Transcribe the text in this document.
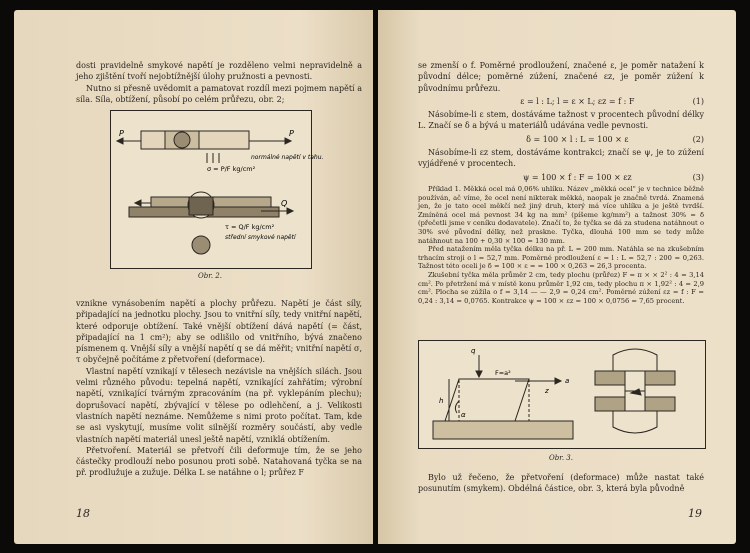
dosti pravidelně smykové napětí je rozděleno velmi nepravidelně a jeho zjištění tvoří nejobtížnější úlohy pružnosti a pevnosti.

Nutno si přesně uvědomit a pamatovat rozdíl mezi pojmem napětí a síla. Síla, obtížení, působí po celém průřezu, obr. 2;

P	P
σ = P/F kg/cm²
normálné napětí v tahu.
τ = Q/F kg/cm²
střední smykové napětí
Q
Obr. 2.

vznikne vynásobením napětí a plochy průřezu. Napětí je část síly, připadající na jednotku plochy. Jsou to vnitřní síly, tedy vnitřní napětí, které odporuje obtížení. Také vnější obtížení dává napětí (= část, připadající na 1 cm²); aby se odlišilo od vnitřního, bývá značeno písmenem q. Vnější síly a vnější napětí q se dá měřit; vnitřní napětí σ, τ obyčejně počítáme z přetvoření (deformace).

Vlastní napětí vznikají v tělesech nezávisle na vnějších silách. Jsou velmi různého původu: tepelná napětí, vznikající zahřátím; výrobní napětí, vznikající tvárným zpracováním (na př. vyklepáním plechu); doprušovací napětí, zbývající v tělese po odlehčení, a j. Velikosti vlastních napětí neznáme. Nemůžeme s nimi proto počítat. Tam, kde se asi vyskytují, musíme volit silnější rozměry součástí, aby vedle vlastních napětí materiál unesl ještě napětí, vzniklá obtížením.

Přetvoření. Materiál se přetvoří čili deformuje tím, že se jeho částečky prodlouží nebo posunou proti sobě. Natahovaná tyčka se na př. prodlužuje a zužuje. Délka L se natáhne o l; průřez F

18

se zmenší o f. Poměrné prodloužení, značené ε, je poměr natažení k původní délce; poměrné zúžení, značené εz, je poměr zúžení k původnímu průřezu.

ε = l : L; l = ε × L; εz = f : F	(1)

Násobíme-li ε stem, dostáváme tažnost v procentech původní délky L. Značí se δ a bývá u materiálů udávána vedle pevnosti.

δ = 100 × l : L = 100 × ε	(2)

Násobíme-li εz stem, dostáváme kontrakci; značí se ψ, je to zúžení vyjádřené v procentech.

ψ = 100 × f : F = 100 × εz	(3)

Příklad 1. Měkká ocel má 0,06% uhlíku. Název „měkká ocel" je v technice běžně používán, ač víme, že ocel není nikterak měkká, naopak je značně tvrdá. Znamená jen, že je tato ocel měkčí než jiný druh, který má více uhlíku a je ještě tvrdší. Zmíněná ocel má pevnost 34 kg na mm² (píšeme kg/mm²) a tažnost 30% = δ (přečetli jsme v ceníku dodavatele). Značí to, že tyčka se dá za studena natáhnout o 30% své původní délky, než praskne. Tyčka, dlouhá 100 mm se tedy může natáhnout na 100 + 0,30 × 100 = 130 mm.

Před natažením měla tyčka délku na př. L = 200 mm. Natáhla se na zkušebním trhacím stroji o l = 52,7 mm. Poměrné prodloužení ε = l : L = 52,7 : 200 = 0,263. Tažnost této oceli je δ = 100 × ε = = 100 × 0,263 = 26,3 procenta.

Zkušební tyčka měla průměr 2 cm, tedy plochu (průřez) F = π × × 2² : 4 = 3,14 cm². Po přetržení má v místě konu průměr 1,92 cm, tedy plochu π × 1,92² : 4 = 2,9 cm². Plocha se zúžila o f = 3,14 — — 2,9 = 0,24 cm². Poměrné zúžení εz = f : F = 0,24 : 3,14 = 0,0765. Kontrakce ψ = 100 × εz = 100 × 0,0756 = 7,65 procent.

q
F=a²
a
z
h
α
Obr. 3.

Bylo už řečeno, že přetvoření (deformace) může nastat také posunutím (smykem). Obdélná částice, obr. 3, která byla původně

19
